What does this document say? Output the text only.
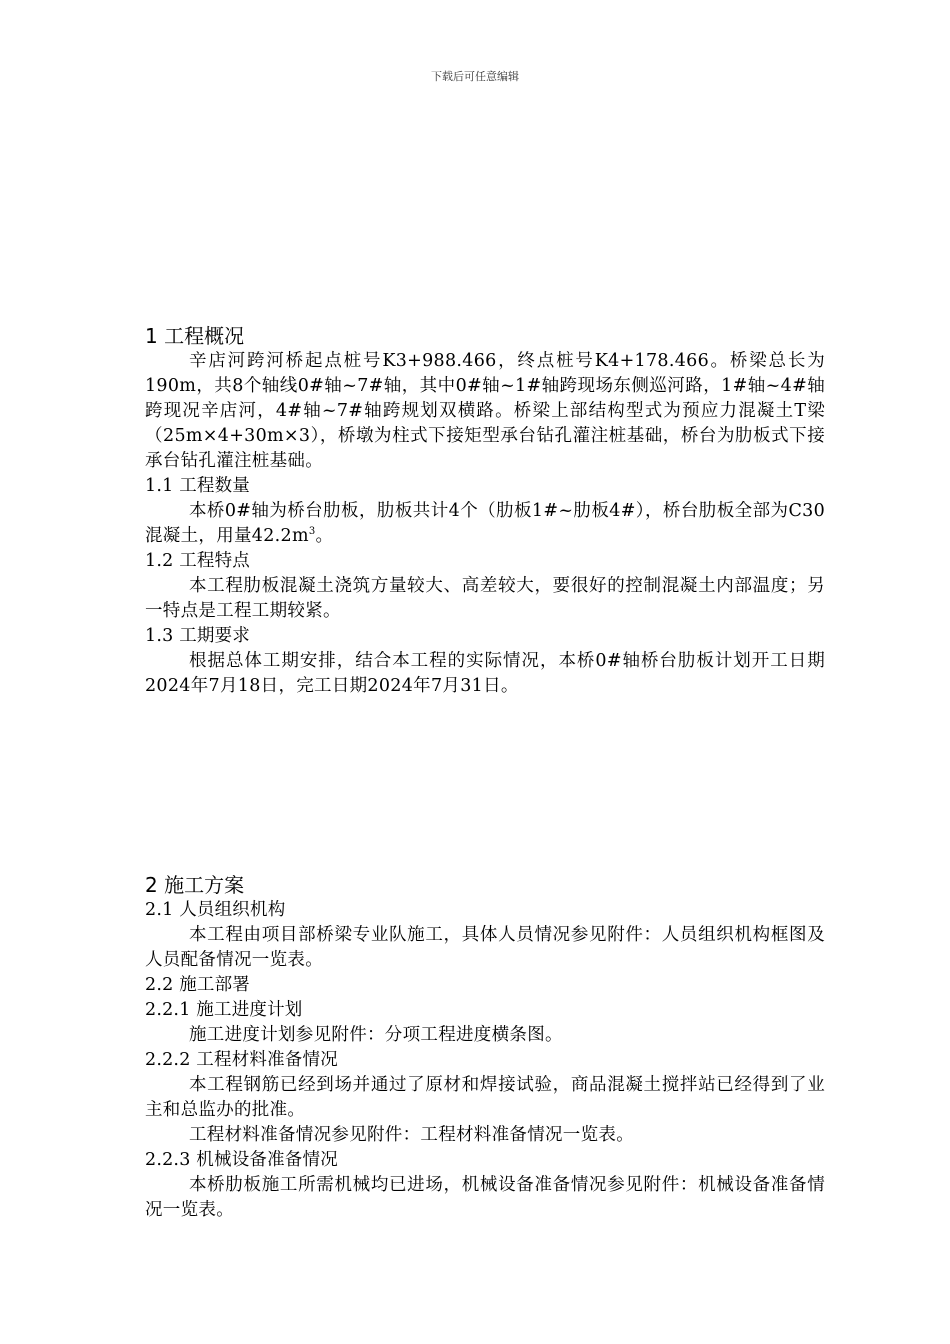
下载后可任意编辑

1 工程概况

辛店河跨河桥起点桩号K3+988.466，终点桩号K4+178.466。桥梁总长为190m，共8个轴线0#轴~7#轴，其中0#轴~1#轴跨现场东侧巡河路，1#轴~4#轴跨现况辛店河，4#轴~7#轴跨规划双横路。桥梁上部结构型式为预应力混凝土T梁（25m×4+30m×3），桥墩为柱式下接矩型承台钻孔灌注桩基础，桥台为肋板式下接承台钻孔灌注桩基础。

1.1 工程数量

本桥0#轴为桥台肋板，肋板共计4个（肋板1#~肋板4#），桥台肋板全部为C30混凝土，用量$42.2m^3$。

1.2 工程特点

本工程肋板混凝土浇筑方量较大、高差较大，要很好的控制混凝土内部温度；另一特点是工程工期较紧。

1.3 工期要求

根据总体工期安排，结合本工程的实际情况，本桥0#轴桥台肋板计划开工日期2024年7月18日，完工日期2024年7月31日。

2 施工方案

2.1 人员组织机构

本工程由项目部桥梁专业队施工，具体人员情况参见附件：人员组织机构框图及人员配备情况一览表。

2.2 施工部署

2.2.1 施工进度计划

施工进度计划参见附件：分项工程进度横条图。

2.2.2 工程材料准备情况

本工程钢筋已经到场并通过了原材和焊接试验，商品混凝土搅拌站已经得到了业主和总监办的批准。

工程材料准备情况参见附件：工程材料准备情况一览表。

2.2.3 机械设备准备情况

本桥肋板施工所需机械均已进场，机械设备准备情况参见附件：机械设备准备情况一览表。
